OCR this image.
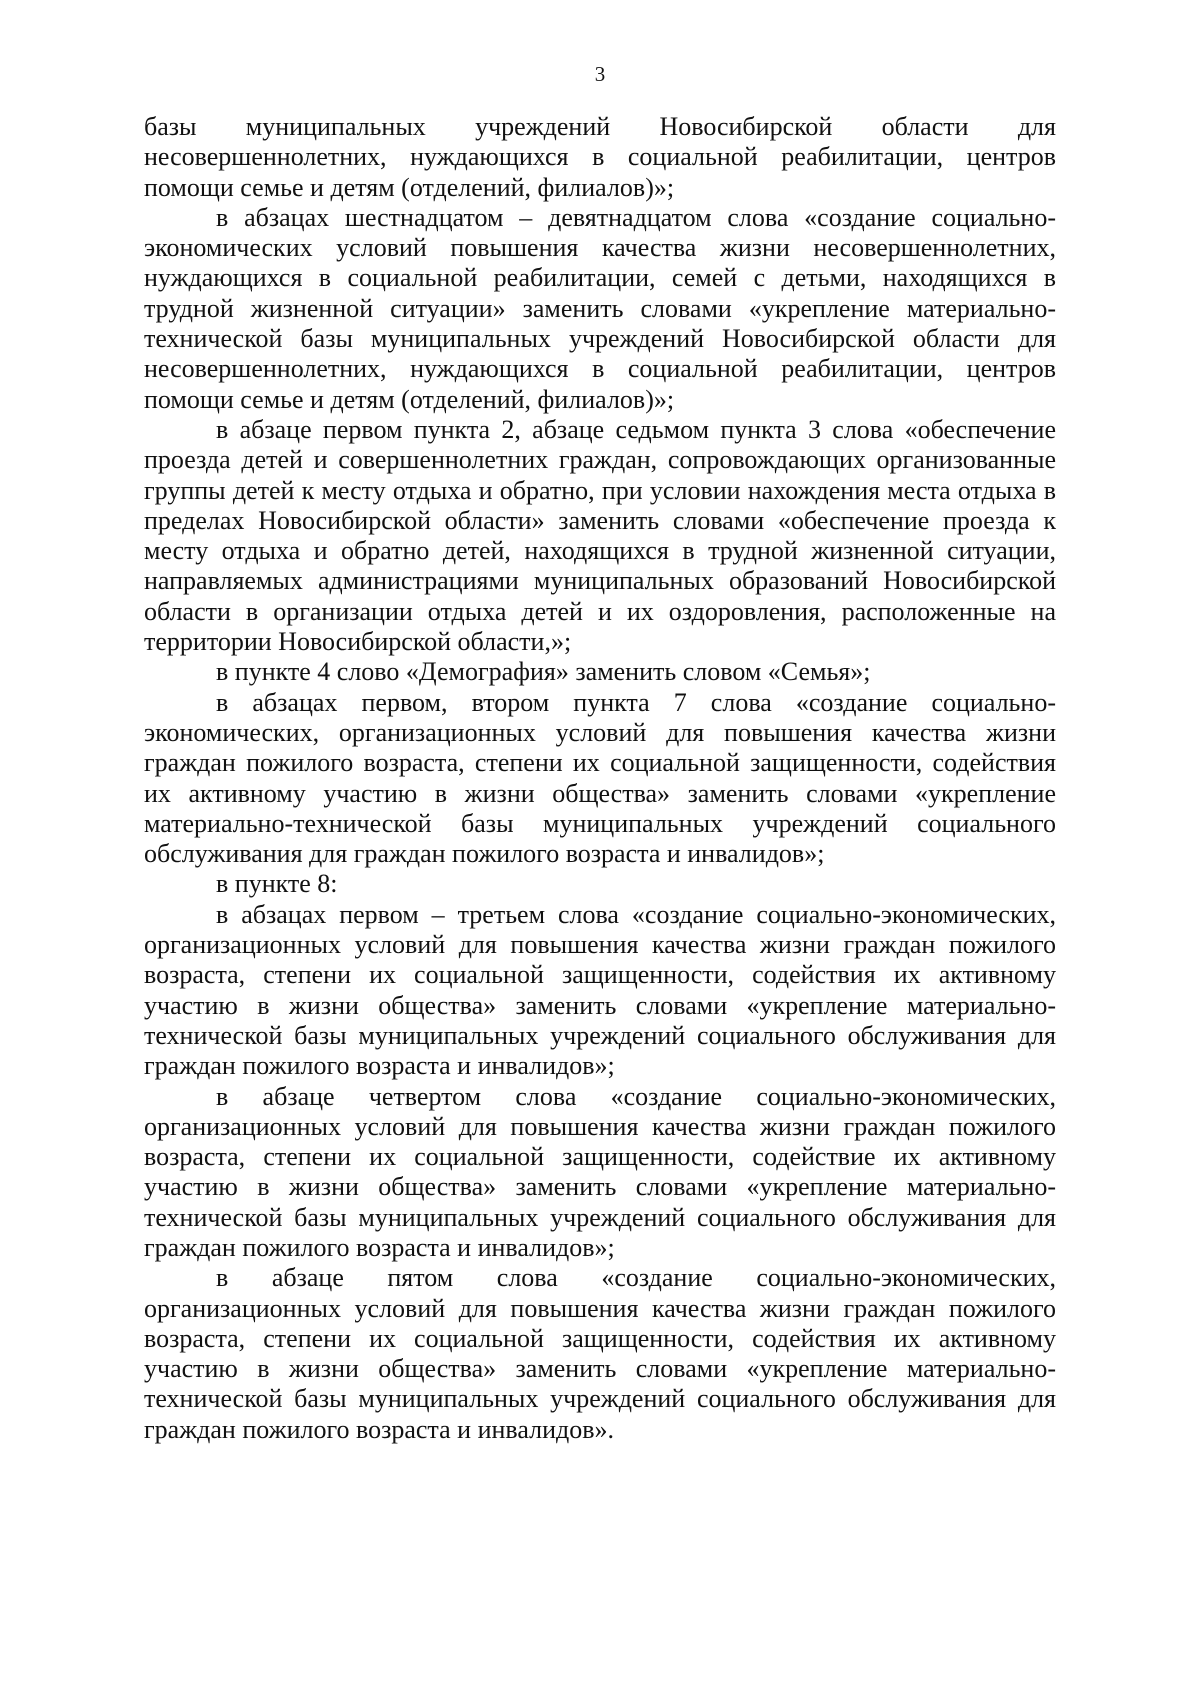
3

базы муниципальных учреждений Новосибирской области для несовершеннолетних, нуждающихся в социальной реабилитации, центров помощи семье и детям (отделений, филиалов)»;

в абзацах шестнадцатом – девятнадцатом слова «создание социально-экономических условий повышения качества жизни несовершеннолетних, нуждающихся в социальной реабилитации, семей с детьми, находящихся в трудной жизненной ситуации» заменить словами «укрепление материально-технической базы муниципальных учреждений Новосибирской области для несовершеннолетних, нуждающихся в социальной реабилитации, центров помощи семье и детям (отделений, филиалов)»;

в абзаце первом пункта 2, абзаце седьмом пункта 3 слова «обеспечение проезда детей и совершеннолетних граждан, сопровождающих организованные группы детей к месту отдыха и обратно, при условии нахождения места отдыха в пределах Новосибирской области» заменить словами «обеспечение проезда к месту отдыха и обратно детей, находящихся в трудной жизненной ситуации, направляемых администрациями муниципальных образований Новосибирской области в организации отдыха детей и их оздоровления, расположенные на территории Новосибирской области,»;

в пункте 4 слово «Демография» заменить словом «Семья»;

в абзацах первом, втором пункта 7 слова «создание социально-экономических, организационных условий для повышения качества жизни граждан пожилого возраста, степени их социальной защищенности, содействия их активному участию в жизни общества» заменить словами «укрепление материально-технической базы муниципальных учреждений социального обслуживания для граждан пожилого возраста и инвалидов»;

в пункте 8:

в абзацах первом – третьем слова «создание социально-экономических, организационных условий для повышения качества жизни граждан пожилого возраста, степени их социальной защищенности, содействия их активному участию в жизни общества» заменить словами «укрепление материально-технической базы муниципальных учреждений социального обслуживания для граждан пожилого возраста и инвалидов»;

в абзаце четвертом слова «создание социально-экономических, организационных условий для повышения качества жизни граждан пожилого возраста, степени их социальной защищенности, содействие их активному участию в жизни общества» заменить словами «укрепление материально-технической базы муниципальных учреждений социального обслуживания для граждан пожилого возраста и инвалидов»;

в абзаце пятом слова «создание социально-экономических, организационных условий для повышения качества жизни граждан пожилого возраста, степени их социальной защищенности, содействия их активному участию в жизни общества» заменить словами «укрепление материально-технической базы муниципальных учреждений социального обслуживания для граждан пожилого возраста и инвалидов».
